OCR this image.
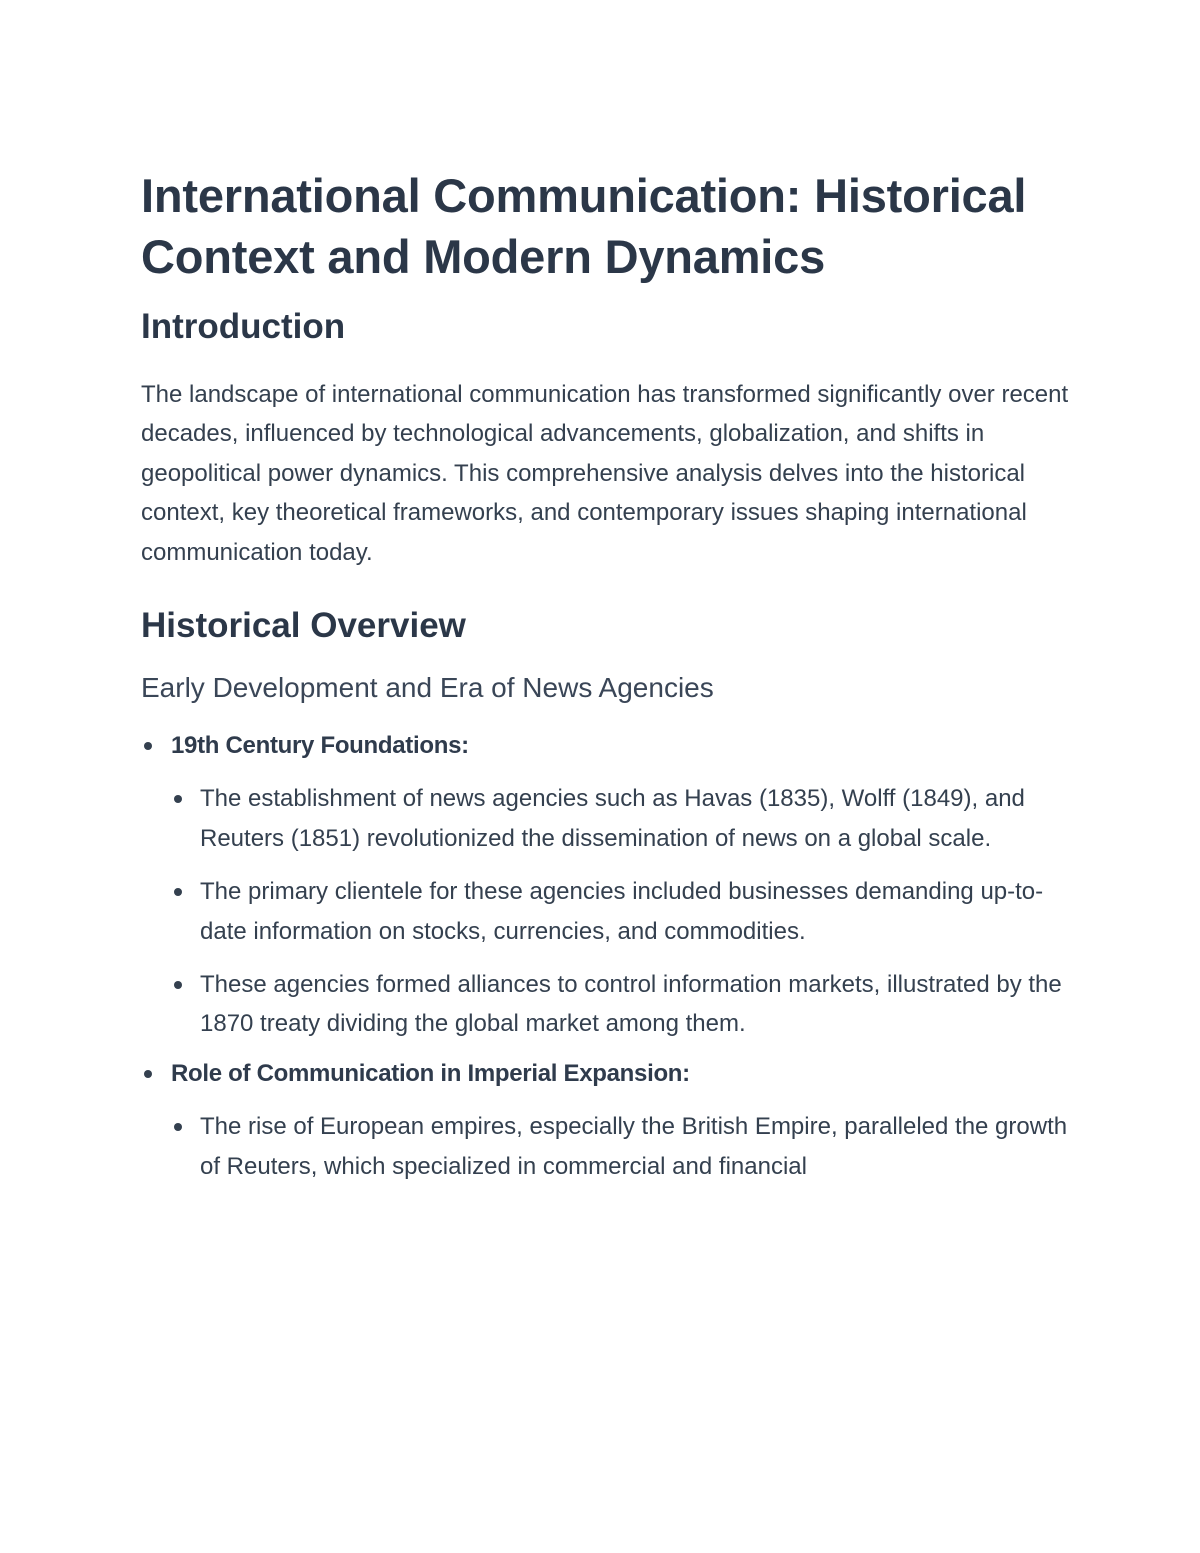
International Communication: Historical Context and Modern Dynamics
Introduction

The landscape of international communication has transformed significantly over recent decades, influenced by technological advancements, globalization, and shifts in geopolitical power dynamics. This comprehensive analysis delves into the historical context, key theoretical frameworks, and contemporary issues shaping international communication today.

Historical Overview
Early Development and Era of News Agencies
19th Century Foundations:
The establishment of news agencies such as Havas (1835), Wolff (1849), and Reuters (1851) revolutionized the dissemination of news on a global scale.
The primary clientele for these agencies included businesses demanding up-to-date information on stocks, currencies, and commodities.
These agencies formed alliances to control information markets, illustrated by the 1870 treaty dividing the global market among them.
Role of Communication in Imperial Expansion:
The rise of European empires, especially the British Empire, paralleled the growth of Reuters, which specialized in commercial and financial
